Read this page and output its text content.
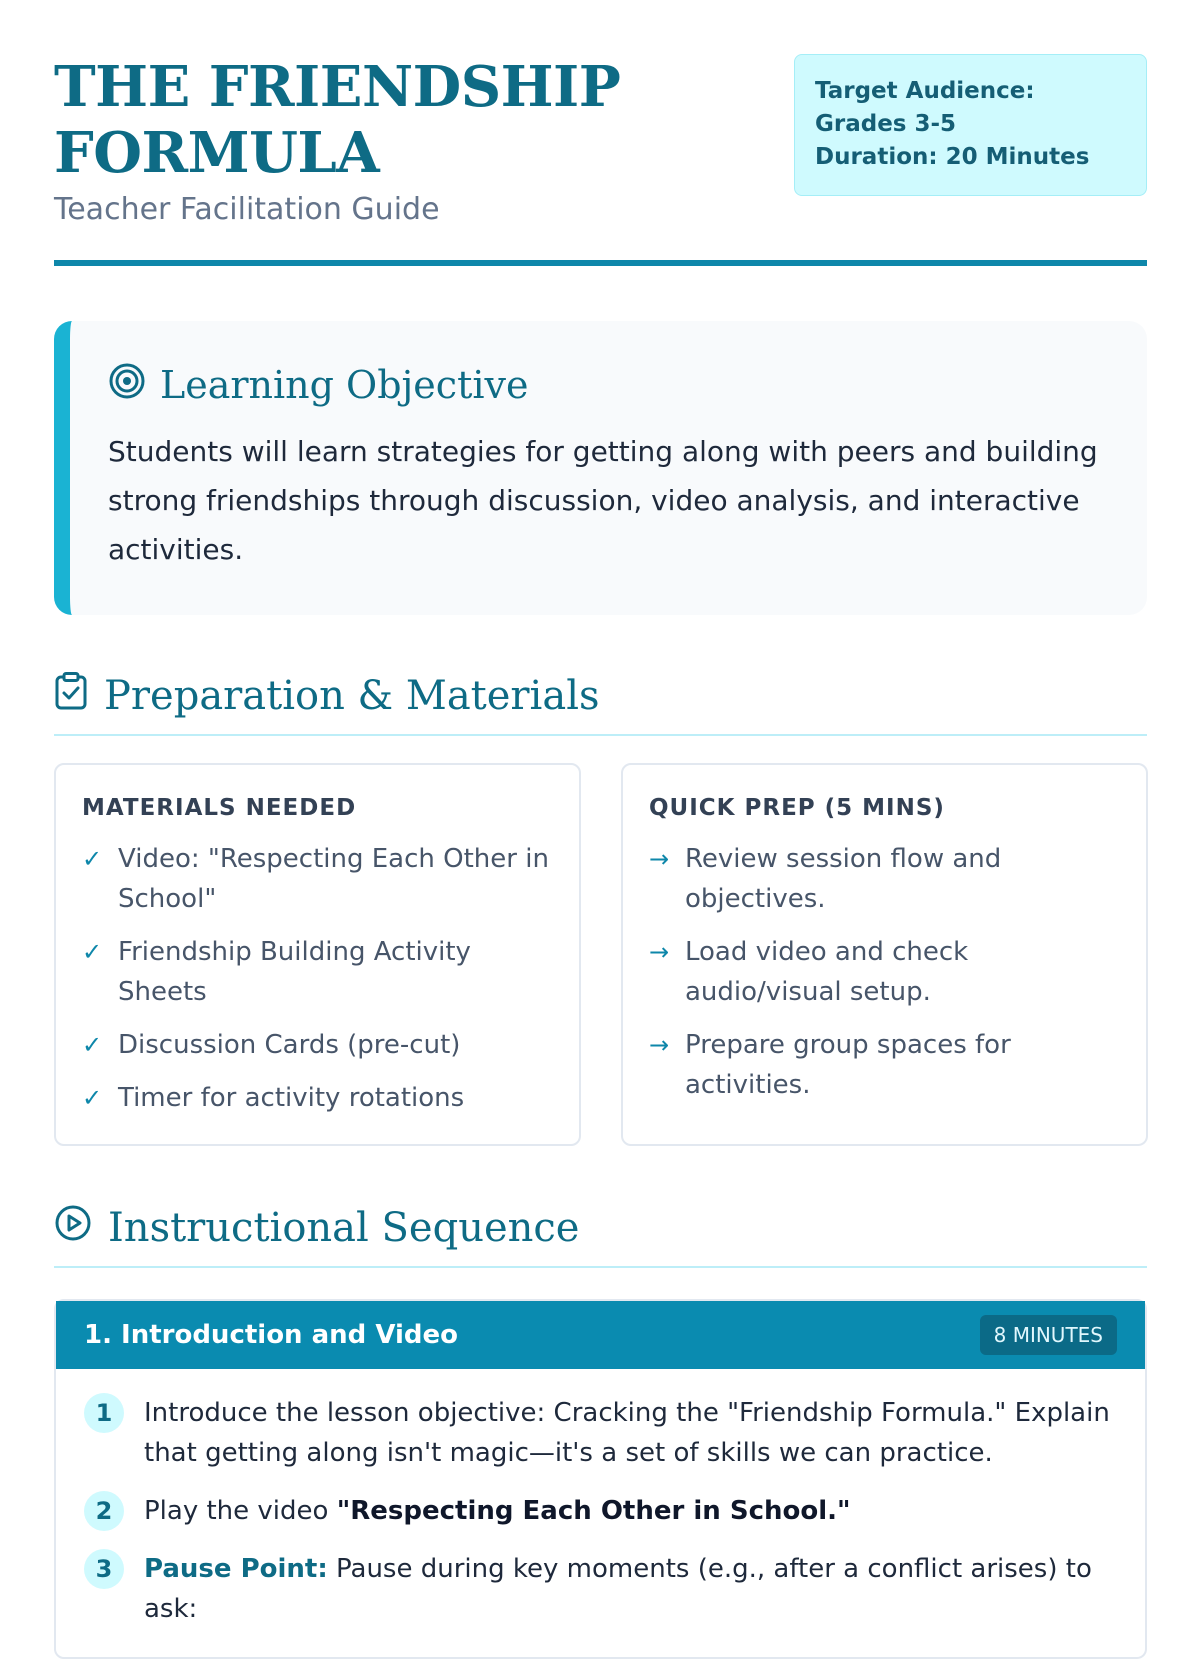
THE FRIENDSHIP FORMULA
Teacher Facilitation Guide
Target Audience: Grades 3-5
Duration: 20 Minutes
Learning Objective

Students will learn strategies for getting along with peers and building strong friendships through discussion, video analysis, and interactive activities.

Preparation & Materials
MATERIALS NEEDED
✓ Video: "Respecting Each Other in School"
✓ Friendship Building Activity Sheets
✓ Discussion Cards (pre-cut)
✓ Timer for activity rotations
QUICK PREP (5 MINS)
→ Review session flow and objectives.
→ Load video and check audio/visual setup.
→ Prepare group spaces for activities.
Instructional Sequence
1. Introduction and Video	8 MINUTES
1	Introduce the lesson objective: Cracking the "Friendship Formula." Explain that getting along isn't magic—it's a set of skills we can practice.
2	Play the video "Respecting Each Other in School."
3	Pause Point: Pause during key moments (e.g., after a conflict arises) to ask:
